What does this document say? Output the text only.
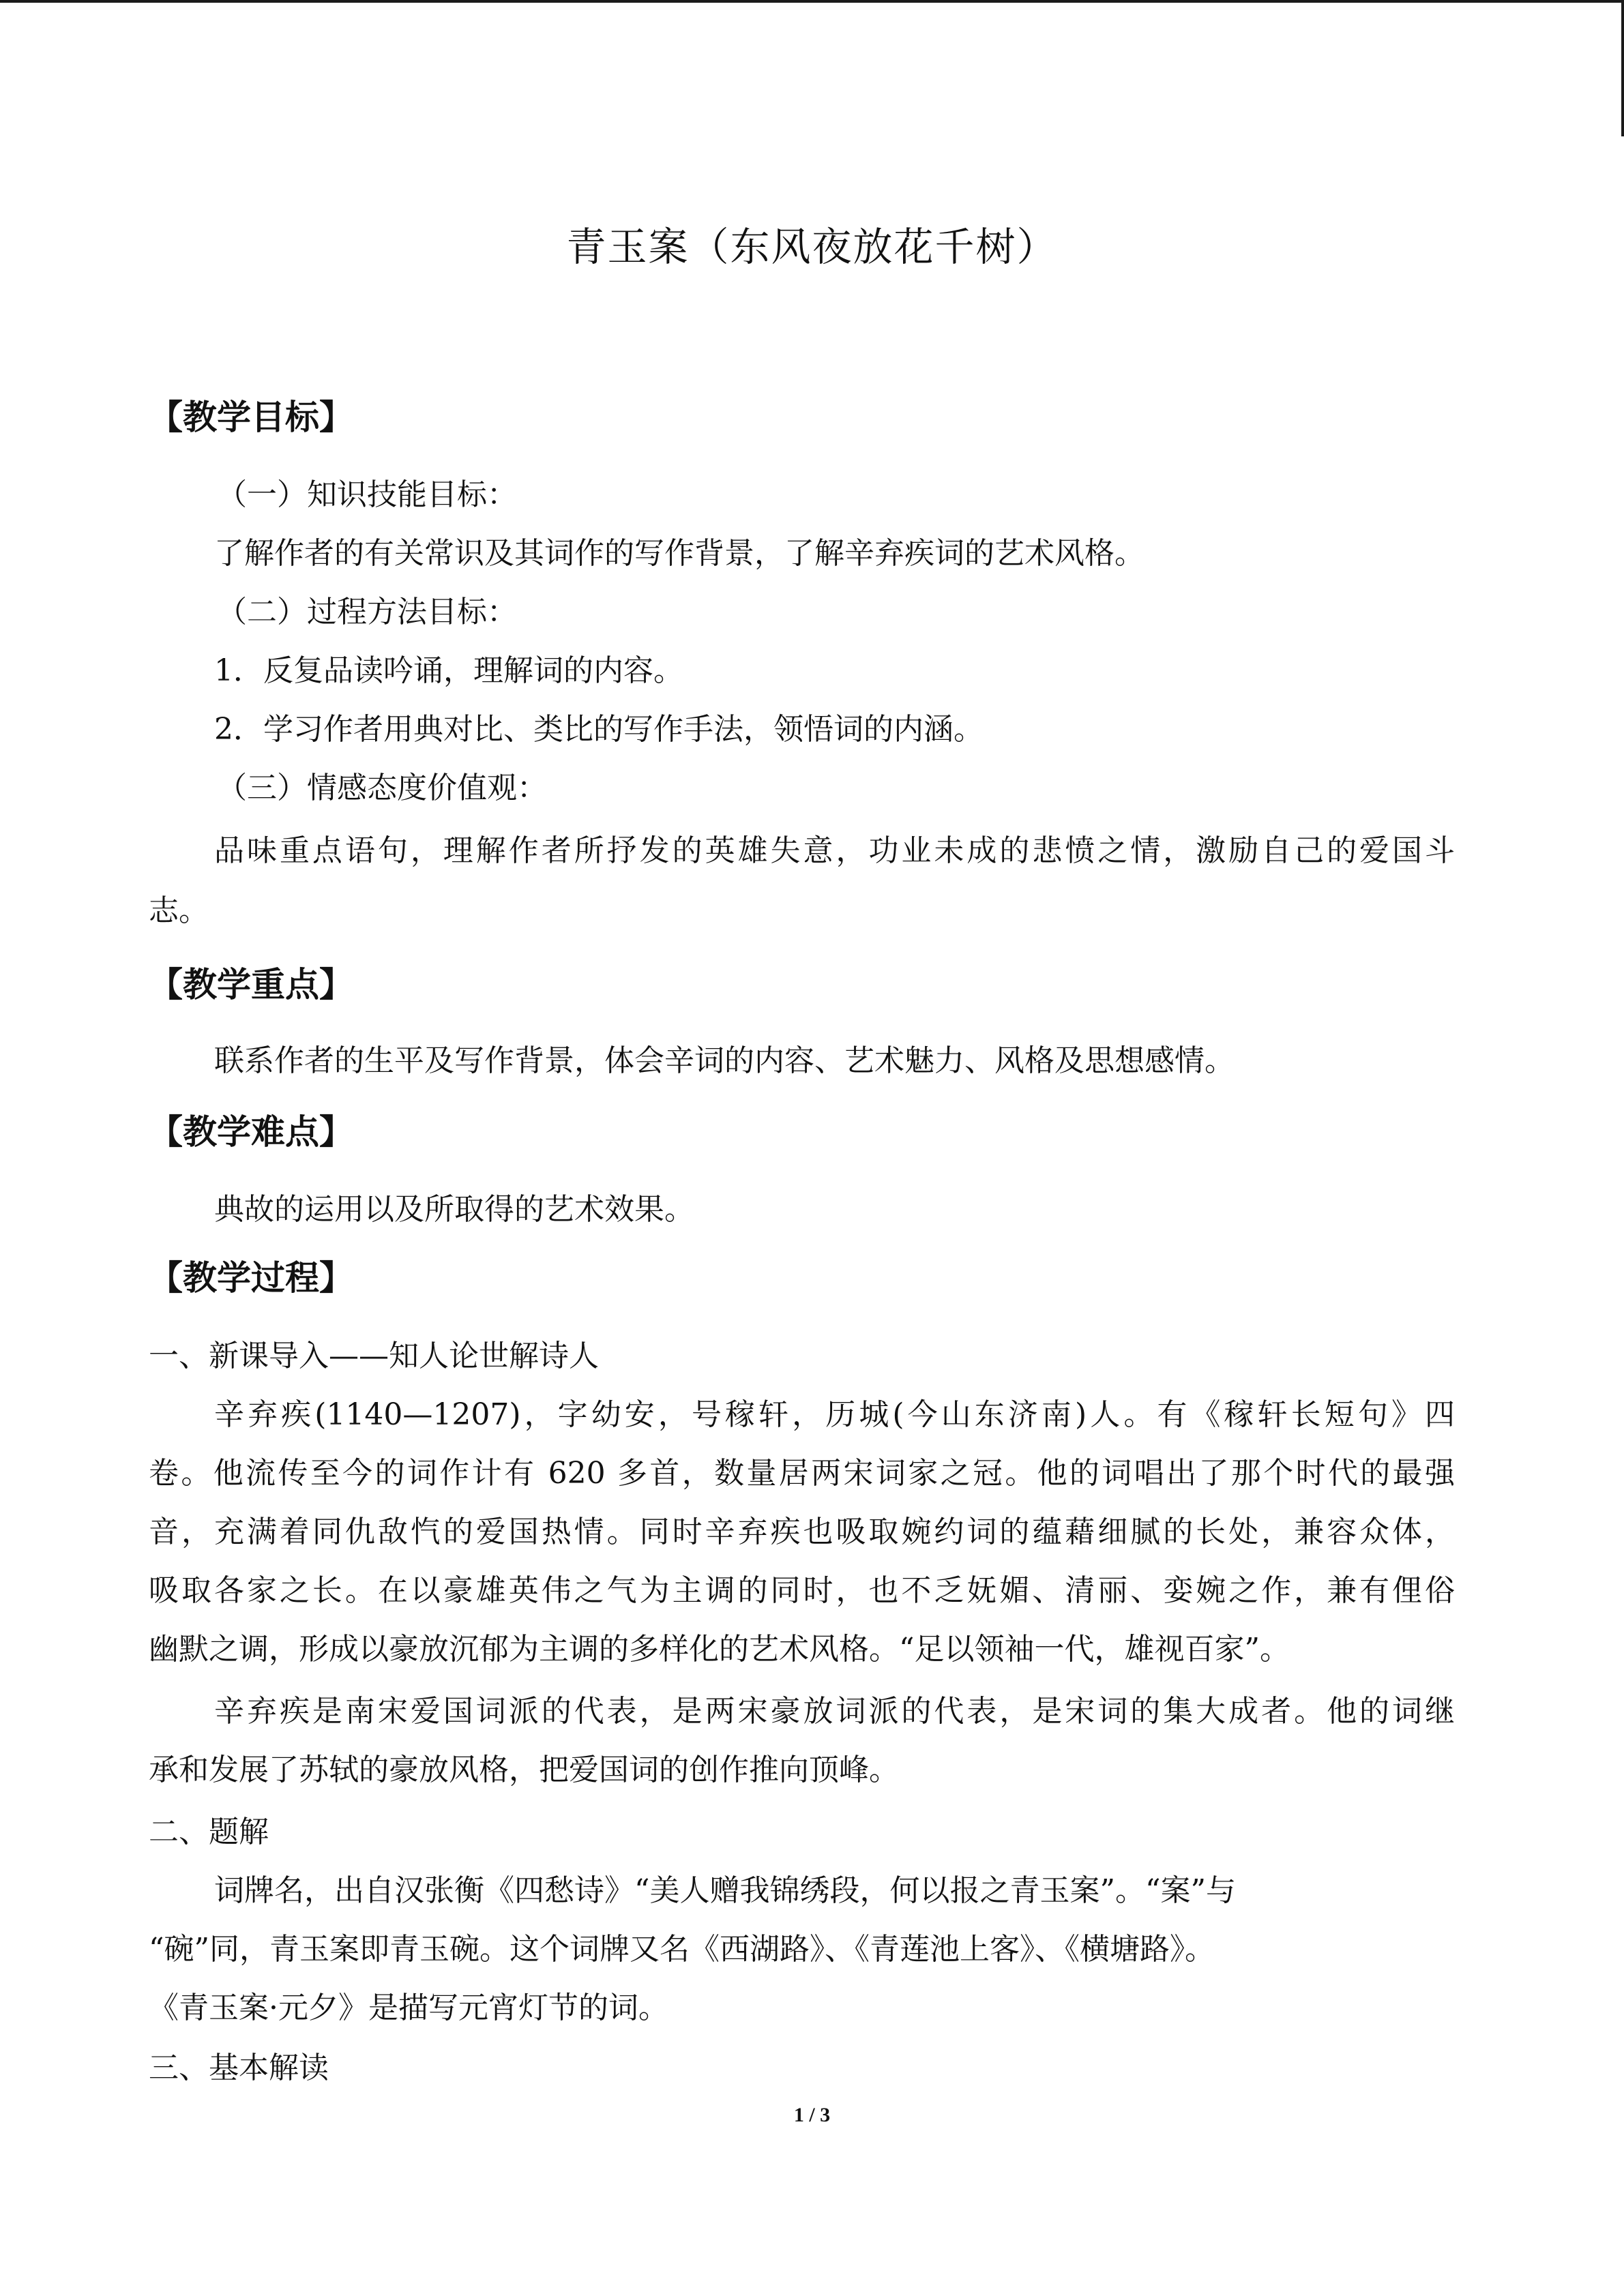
青玉案（东风夜放花千树）
【教学目标】
（一）知识技能目标：
了解作者的有关常识及其词作的写作背景，了解辛弃疾词的艺术风格。
（二）过程方法目标：
1．反复品读吟诵，理解词的内容。
2．学习作者用典对比、类比的写作手法，领悟词的内涵。
（三）情感态度价值观：
品味重点语句，理解作者所抒发的英雄失意，功业未成的悲愤之情，激励自己的爱国斗
志。
【教学重点】
联系作者的生平及写作背景，体会辛词的内容、艺术魅力、风格及思想感情。
【教学难点】
典故的运用以及所取得的艺术效果。
【教学过程】
一、新课导入——知人论世解诗人
辛弃疾(1140—1207)，字幼安，号稼轩，历城(今山东济南)人。有《稼轩长短句》四
卷。他流传至今的词作计有 620 多首，数量居两宋词家之冠。他的词唱出了那个时代的最强
音，充满着同仇敌忾的爱国热情。同时辛弃疾也吸取婉约词的蕴藉细腻的长处，兼容众体，
吸取各家之长。在以豪雄英伟之气为主调的同时，也不乏妩媚、清丽、娈婉之作，兼有俚俗
幽默之调，形成以豪放沉郁为主调的多样化的艺术风格。“足以领袖一代，雄视百家”。
辛弃疾是南宋爱国词派的代表，是两宋豪放词派的代表，是宋词的集大成者。他的词继
承和发展了苏轼的豪放风格，把爱国词的创作推向顶峰。
二、题解
词牌名，出自汉张衡《四愁诗》“美人赠我锦绣段，何以报之青玉案”。“案”与
“碗”同，青玉案即青玉碗。这个词牌又名《西湖路》、《青莲池上客》、《横塘路》。
《青玉案·元夕》是描写元宵灯节的词。
三、基本解读
1 / 3
